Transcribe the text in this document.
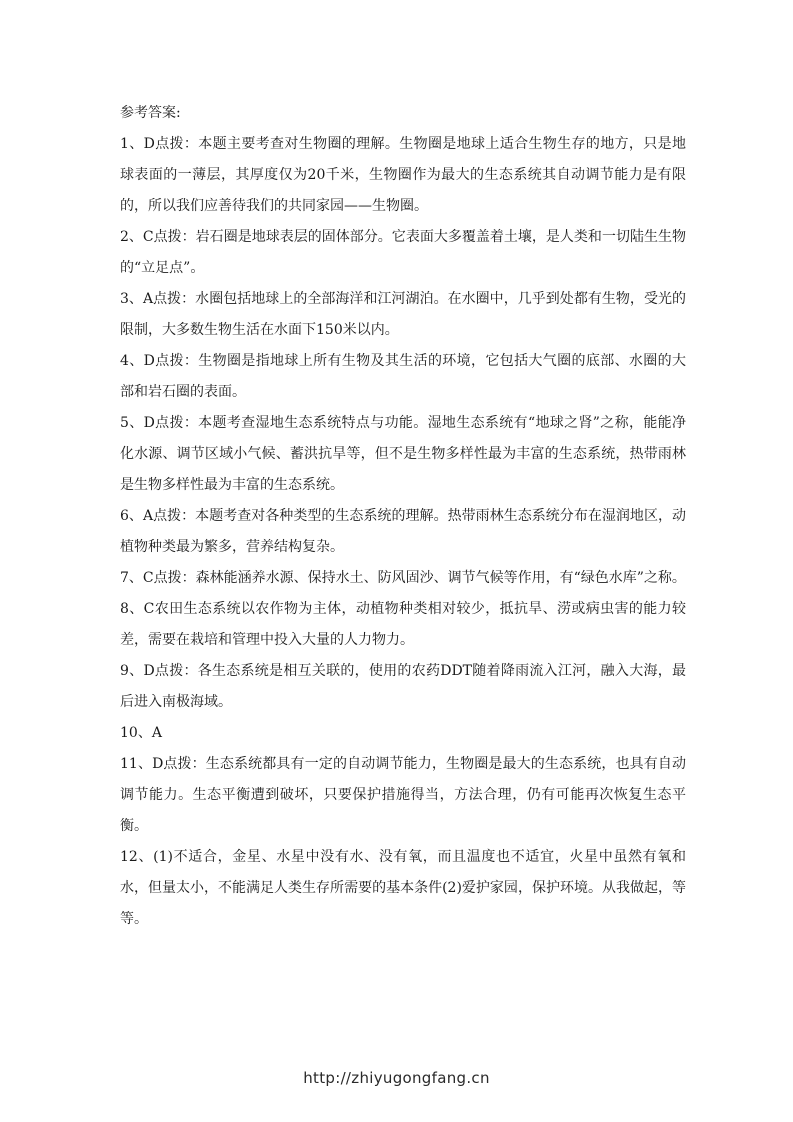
参考答案:

1、D点拨：本题主要考查对生物圈的理解。生物圈是地球上适合生物生存的地方，只是地球表面的一薄层，其厚度仅为20千米，生物圈作为最大的生态系统其自动调节能力是有限的，所以我们应善待我们的共同家园——生物圈。
2、C点拨：岩石圈是地球表层的固体部分。它表面大多覆盖着土壤，是人类和一切陆生生物的“立足点”。
3、A点拨：水圈包括地球上的全部海洋和江河湖泊。在水圈中，几乎到处都有生物，受光的限制，大多数生物生活在水面下150米以内。
4、D点拨：生物圈是指地球上所有生物及其生活的环境，它包括大气圈的底部、水圈的大部和岩石圈的表面。
5、D点拨：本题考查湿地生态系统特点与功能。湿地生态系统有“地球之肾”之称，能能净化水源、调节区域小气候、蓄洪抗旱等，但不是生物多样性最为丰富的生态系统，热带雨林是生物多样性最为丰富的生态系统。
6、A点拨：本题考查对各种类型的生态系统的理解。热带雨林生态系统分布在湿润地区，动植物种类最为繁多，营养结构复杂。
7、C点拨：森林能涵养水源、保持水土、防风固沙、调节气候等作用，有“绿色水库”之称。
8、C农田生态系统以农作物为主体，动植物种类相对较少，抵抗旱、涝或病虫害的能力较差，需要在栽培和管理中投入大量的人力物力。
9、D点拨：各生态系统是相互关联的，使用的农药DDT随着降雨流入江河，融入大海，最后进入南极海域。
10、A
11、D点拨：生态系统都具有一定的自动调节能力，生物圈是最大的生态系统，也具有自动调节能力。生态平衡遭到破坏，只要保护措施得当，方法合理，仍有可能再次恢复生态平衡。
12、(1)不适合，金星、水星中没有水、没有氧，而且温度也不适宜，火星中虽然有氧和水，但量太小，不能满足人类生存所需要的基本条件(2)爱护家园，保护环境。从我做起，等等。
http://zhiyugongfang.cn
